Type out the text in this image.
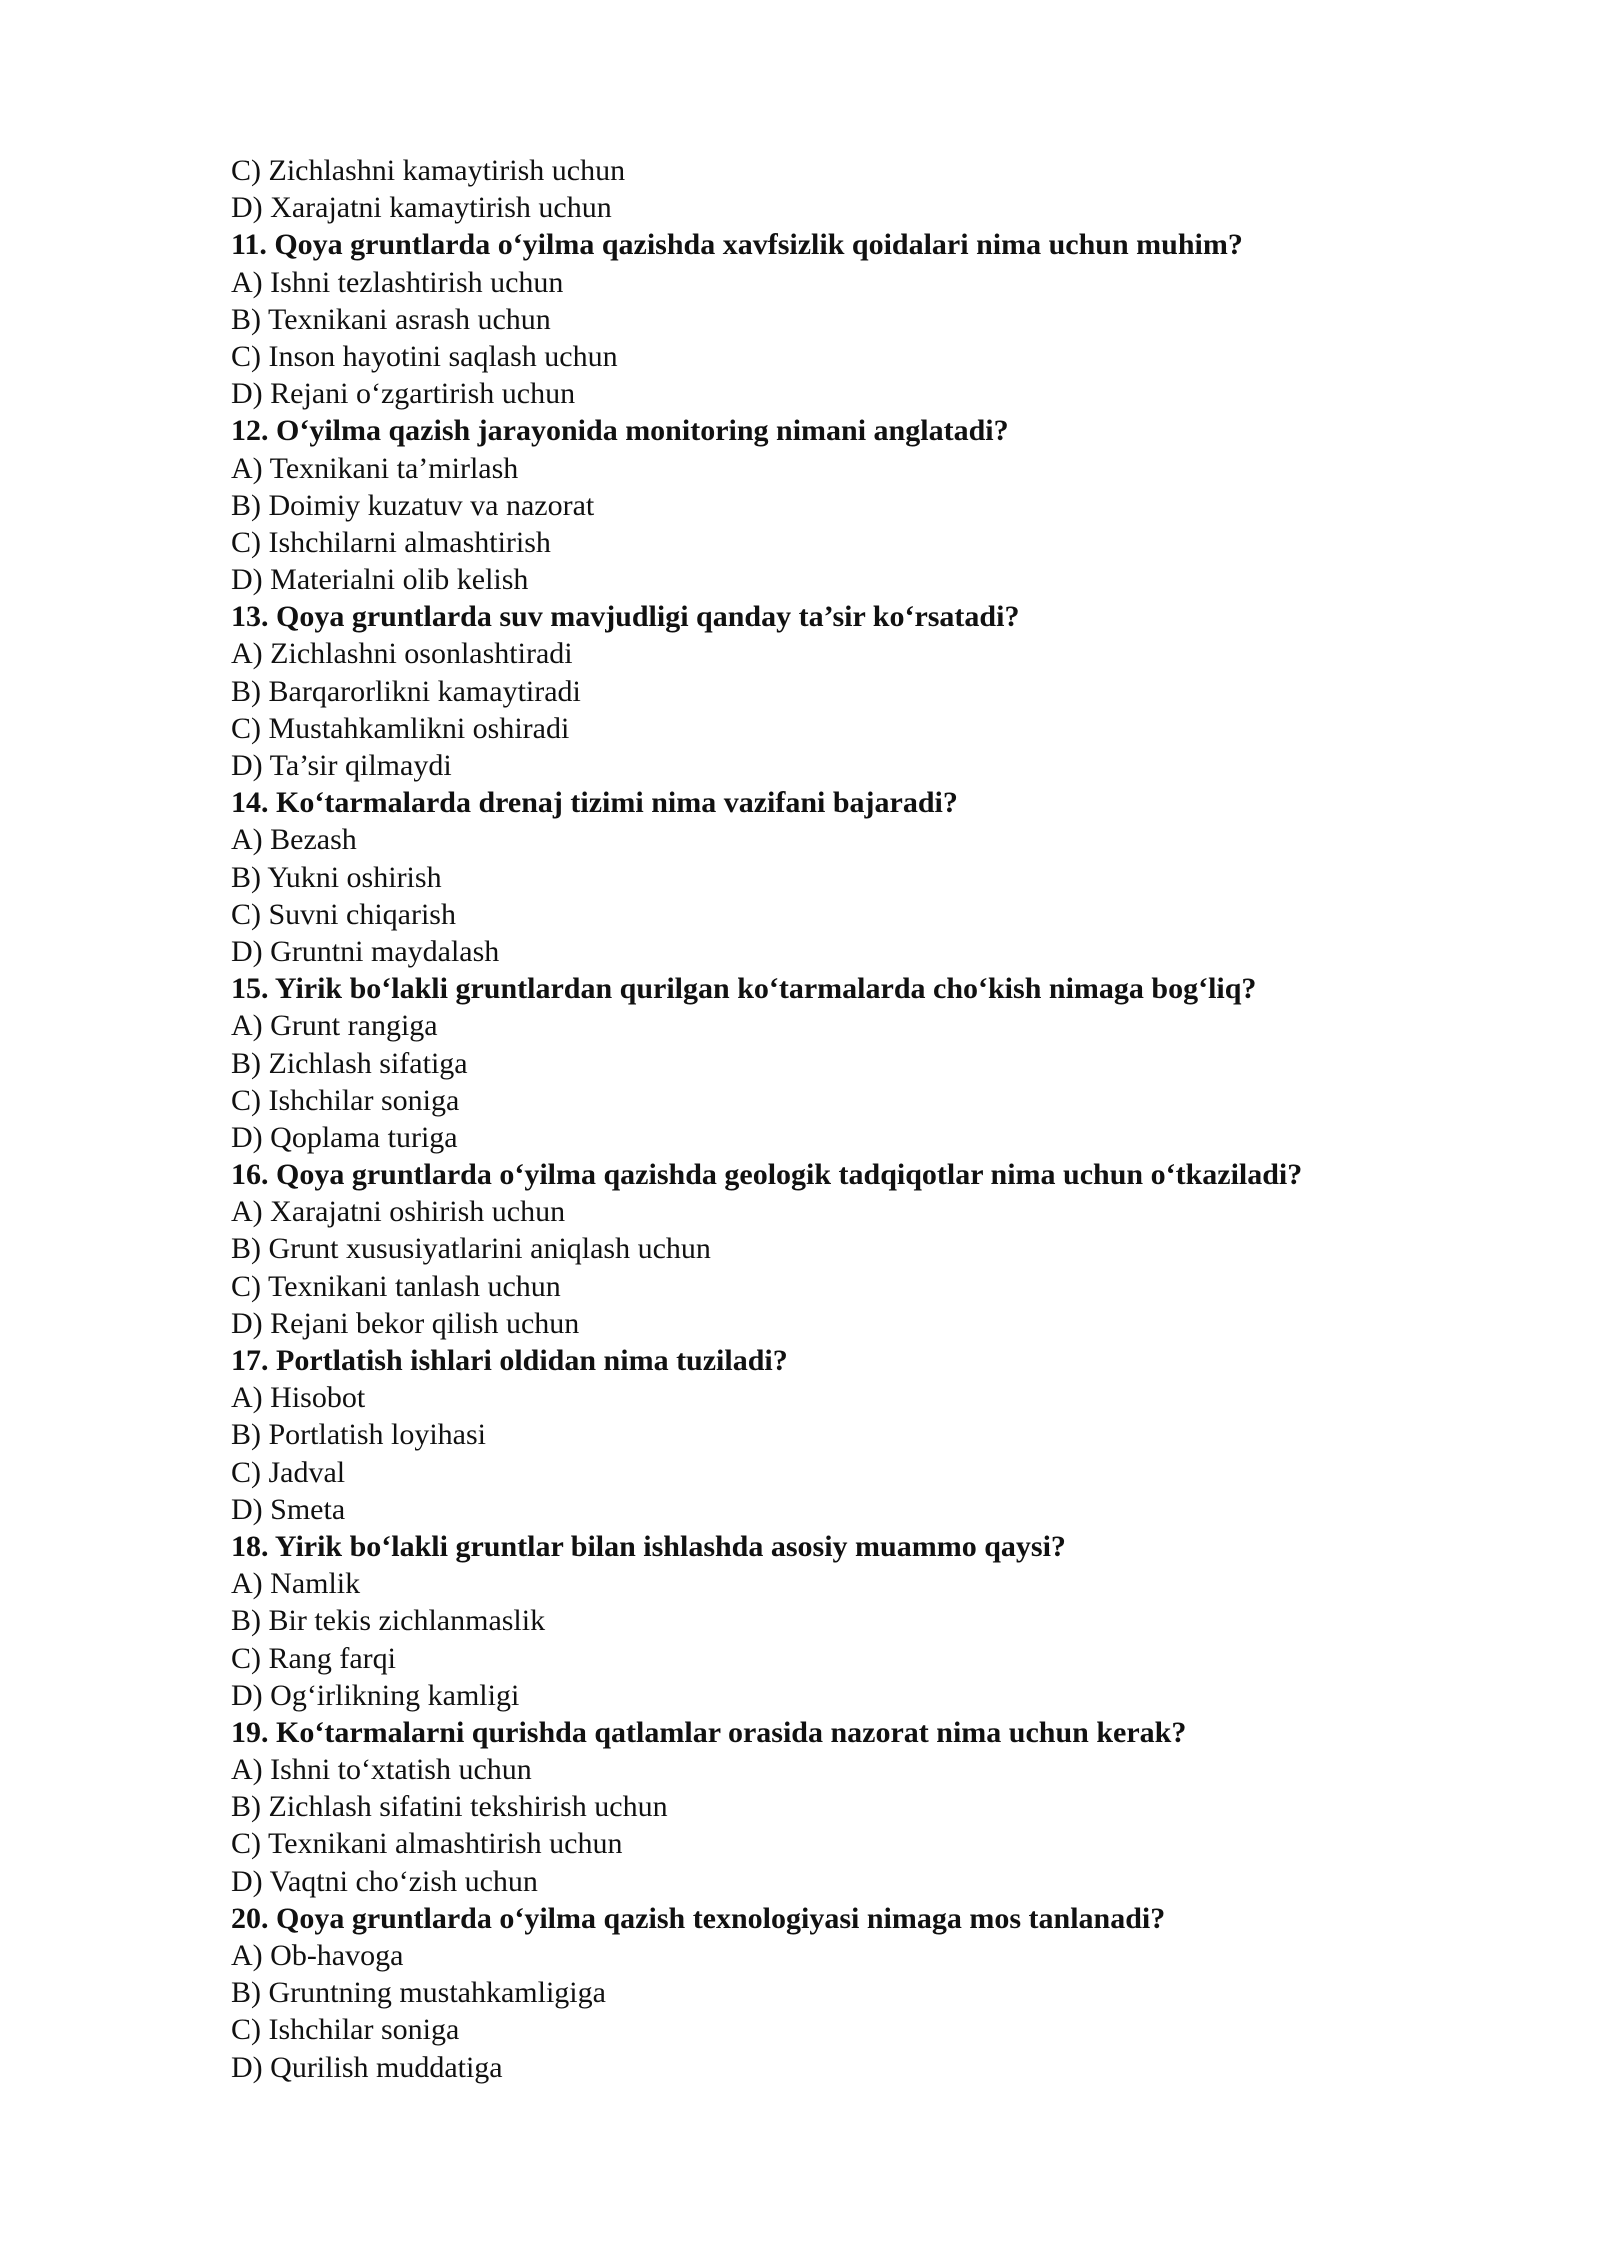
C) Zichlashni kamaytirish uchun
D) Xarajatni kamaytirish uchun
11. Qoya gruntlarda o‘yilma qazishda xavfsizlik qoidalari nima uchun muhim?
A) Ishni tezlashtirish uchun
B) Texnikani asrash uchun
C) Inson hayotini saqlash uchun
D) Rejani o‘zgartirish uchun
12. O‘yilma qazish jarayonida monitoring nimani anglatadi?
A) Texnikani ta’mirlash
B) Doimiy kuzatuv va nazorat
C) Ishchilarni almashtirish
D) Materialni olib kelish
13. Qoya gruntlarda suv mavjudligi qanday ta’sir ko‘rsatadi?
A) Zichlashni osonlashtiradi
B) Barqarorlikni kamaytiradi
C) Mustahkamlikni oshiradi
D) Ta’sir qilmaydi
14. Ko‘tarmalarda drenaj tizimi nima vazifani bajaradi?
A) Bezash
B) Yukni oshirish
C) Suvni chiqarish
D) Gruntni maydalash
15. Yirik bo‘lakli gruntlardan qurilgan ko‘tarmalarda cho‘kish nimaga bog‘liq?
A) Grunt rangiga
B) Zichlash sifatiga
C) Ishchilar soniga
D) Qoplama turiga
16. Qoya gruntlarda o‘yilma qazishda geologik tadqiqotlar nima uchun o‘tkaziladi?
A) Xarajatni oshirish uchun
B) Grunt xususiyatlarini aniqlash uchun
C) Texnikani tanlash uchun
D) Rejani bekor qilish uchun
17. Portlatish ishlari oldidan nima tuziladi?
A) Hisobot
B) Portlatish loyihasi
C) Jadval
D) Smeta
18. Yirik bo‘lakli gruntlar bilan ishlashda asosiy muammo qaysi?
A) Namlik
B) Bir tekis zichlanmaslik
C) Rang farqi
D) Og‘irlikning kamligi
19. Ko‘tarmalarni qurishda qatlamlar orasida nazorat nima uchun kerak?
A) Ishni to‘xtatish uchun
B) Zichlash sifatini tekshirish uchun
C) Texnikani almashtirish uchun
D) Vaqtni cho‘zish uchun
20. Qoya gruntlarda o‘yilma qazish texnologiyasi nimaga mos tanlanadi?
A) Ob-havoga
B) Gruntning mustahkamligiga
C) Ishchilar soniga
D) Qurilish muddatiga
